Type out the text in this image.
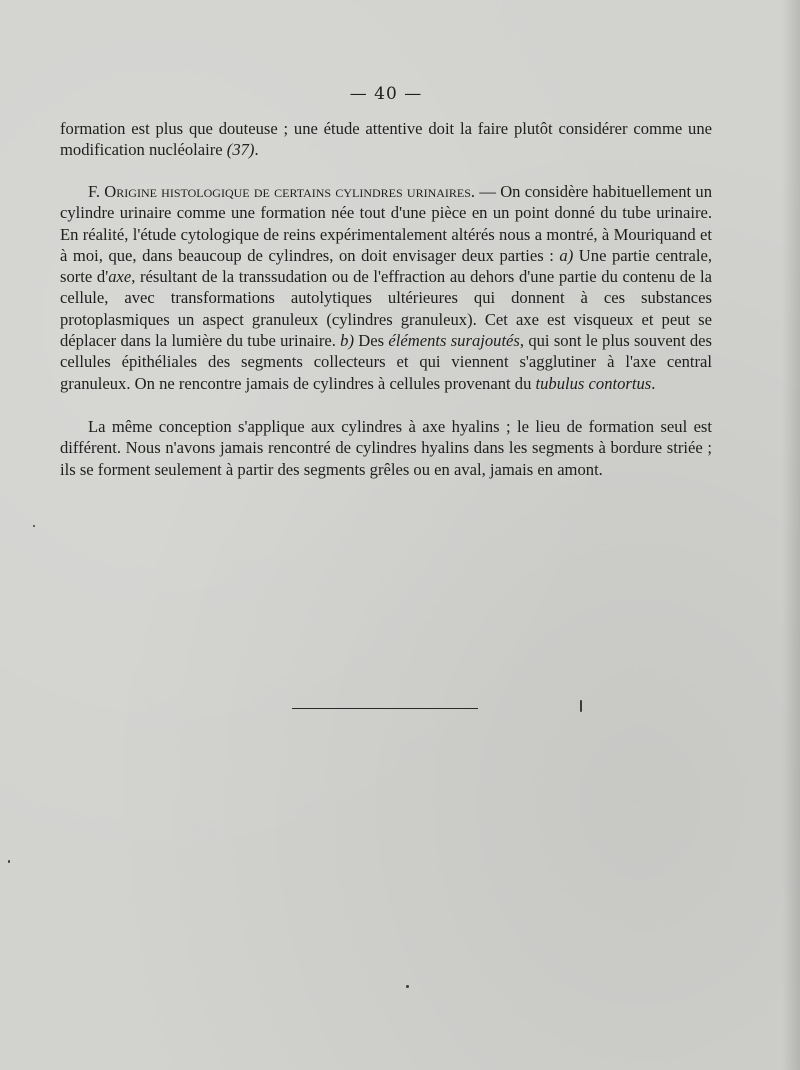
— 40 —

formation est plus que douteuse ; une étude attentive doit la faire plutôt considérer comme une modification nucléolaire (37).

F. Origine histologique de certains cylindres urinaires. — On considère habituellement un cylindre urinaire comme une formation née tout d'une pièce en un point donné du tube urinaire. En réalité, l'étude cytologique de reins expérimentalement altérés nous a montré, à Mouriquand et à moi, que, dans beaucoup de cylindres, on doit envisager deux parties : a) Une partie centrale, sorte d'axe, résultant de la transsudation ou de l'effraction au dehors d'une partie du contenu de la cellule, avec transformations autolytiques ultérieures qui donnent à ces substances protoplasmiques un aspect granuleux (cylindres granuleux). Cet axe est visqueux et peut se déplacer dans la lumière du tube urinaire. b) Des éléments surajoutés, qui sont le plus souvent des cellules épithéliales des segments collecteurs et qui viennent s'agglutiner à l'axe central granuleux. On ne rencontre jamais de cylindres à cellules provenant du tubulus contortus.

La même conception s'applique aux cylindres à axe hyalins ; le lieu de formation seul est différent. Nous n'avons jamais rencontré de cylindres hyalins dans les segments à bordure striée ; ils se forment seulement à partir des segments grêles ou en aval, jamais en amont.
